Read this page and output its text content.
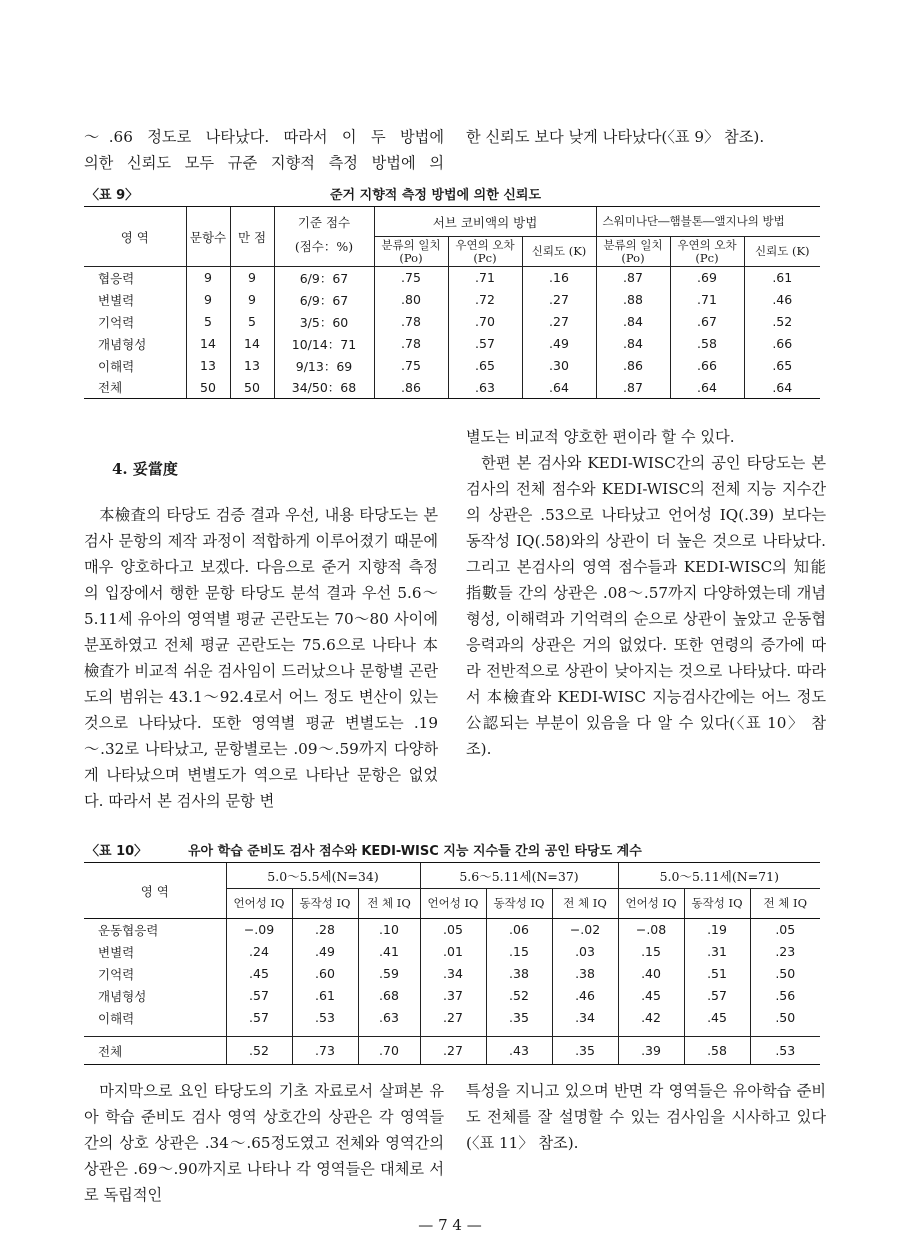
～.66 정도로 나타났다. 따라서 이 두 방법에

의한 신뢰도 모두 규준 지향적 측정 방법에 의

한 신뢰도 보다 낮게 나타났다(〈표 9〉 참조).

〈표 9〉	준거 지향적 측정 방법에 의한 신뢰도
영 역	문항수	만 점	기준 점수	서브 코비액의 방법			스워미나단―햄블톤―앨지나의 방법		
			(점수：%)	분류의 일치(Po)	우연의 오차(Pc)	신뢰도 (K)	분류의 일치(Po)	우연의 오차(Pc)	신뢰도 (K)
협응력	9	9	6/9：67	.75	.71	.16	.87	.69	.61
변별력	9	9	6/9：67	.80	.72	.27	.88	.71	.46
기억력	5	5	3/5：60	.78	.70	.27	.84	.67	.52
개념형성	14	14	10/14：71	.78	.57	.49	.84	.58	.66
이해력	13	13	9/13：69	.75	.65	.30	.86	.66	.65
전체	50	50	34/50：68	.86	.63	.64	.87	.64	.64
4. 妥當度

本檢査의 타당도 검증 결과 우선, 내용 타당도는 본검사 문항의 제작 과정이 적합하게 이루어졌기 때문에 매우 양호하다고 보겠다. 다음으로 준거 지향적 측정의 입장에서 행한 문항 타당도 분석 결과 우선 5.6～5.11세 유아의 영역별 평균 곤란도는 70～80 사이에 분포하였고 전체 평균 곤란도는 75.6으로 나타나 本檢査가 비교적 쉬운 검사임이 드러났으나 문항별 곤란도의 범위는 43.1～92.4로서 어느 정도 변산이 있는 것으로 나타났다. 또한 영역별 평균 변별도는 .19～.32로 나타났고, 문항별로는 .09～.59까지 다양하게 나타났으며 변별도가 역으로 나타난 문항은 없었다. 따라서 본 검사의 문항 변

별도는 비교적 양호한 편이라 할 수 있다.

한편 본 검사와 KEDI-WISC간의 공인 타당도는 본검사의 전체 점수와 KEDI-WISC의 전체 지능 지수간의 상관은 .53으로 나타났고 언어성 IQ(.39) 보다는 동작성 IQ(.58)와의 상관이 더 높은 것으로 나타났다. 그리고 본검사의 영역 점수들과 KEDI-WISC의 知能指數들 간의 상관은 .08～.57까지 다양하였는데 개념 형성, 이해력과 기억력의 순으로 상관이 높았고 운동협응력과의 상관은 거의 없었다. 또한 연령의 증가에 따라 전반적으로 상관이 낮아지는 것으로 나타났다. 따라서 本檢査와 KEDI-WISC 지능검사간에는 어느 정도 公認되는 부분이 있음을 다 알 수 있다(〈표 10〉 참조).

〈표 10〉	유아 학습 준비도 검사 점수와 KEDI-WISC 지능 지수들 간의 공인 타당도 계수
영 역	5.0～5.5세(N=34)			5.6～5.11세(N=37)			5.0～5.11세(N=71)		
	언어성 IQ	동작성 IQ	전 체 IQ	언어성 IQ	동작성 IQ	전 체 IQ	언어성 IQ	동작성 IQ	전 체 IQ
운동협응력	−.09	.28	.10	.05	.06	−.02	−.08	.19	.05
변별력	.24	.49	.41	.01	.15	.03	.15	.31	.23
기억력	.45	.60	.59	.34	.38	.38	.40	.51	.50
개념형성	.57	.61	.68	.37	.52	.46	.45	.57	.56
이해력	.57	.53	.63	.27	.35	.34	.42	.45	.50

전체	.52	.73	.70	.27	.43	.35	.39	.58	.53

마지막으로 요인 타당도의 기초 자료로서 살펴본 유아 학습 준비도 검사 영역 상호간의 상관은 각 영역들 간의 상호 상관은 .34～.65정도였고 전체와 영역간의 상관은 .69～.90까지로 나타나 각 영역들은 대체로 서로 독립적인

특성을 지니고 있으며 반면 각 영역들은 유아학습 준비도 전체를 잘 설명할 수 있는 검사임을 시사하고 있다(〈표 11〉 참조).

— 7 4 —
